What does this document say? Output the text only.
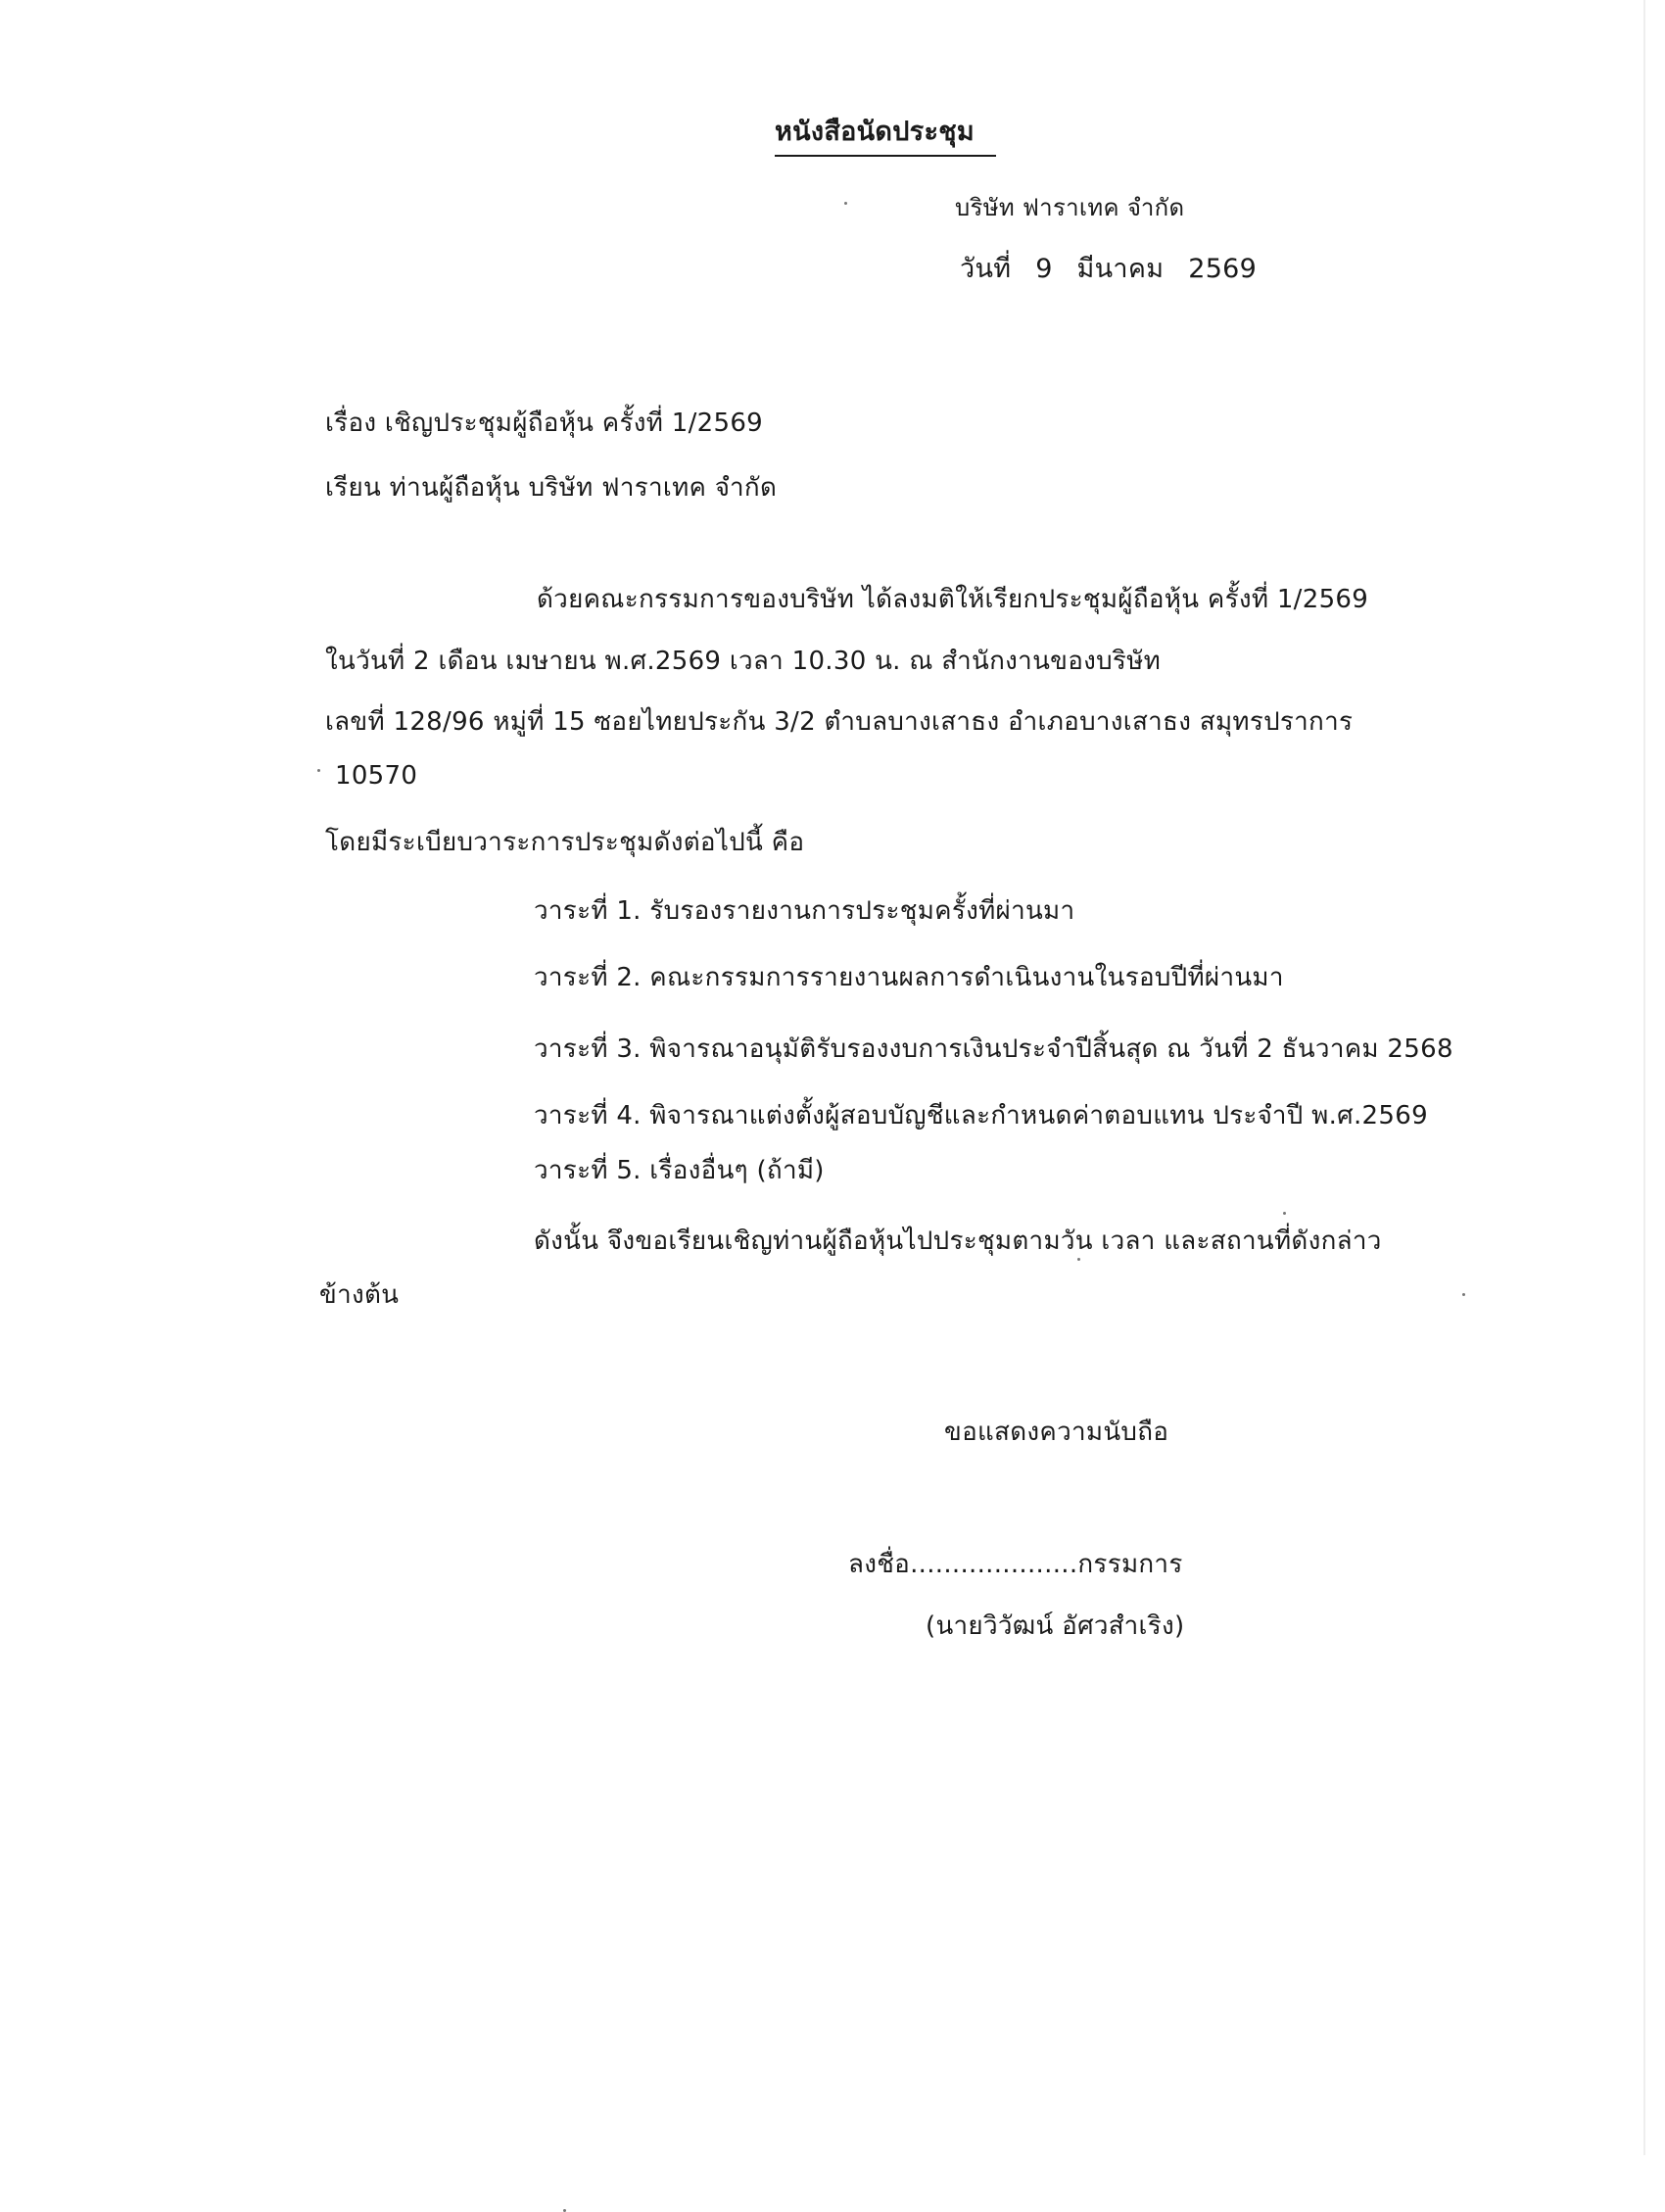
หนังสือนัดประชุม
บริษัท ฟาราเทค จำกัด
วันที่ 9 มีนาคม 2569
เรื่อง เชิญประชุมผู้ถือหุ้น ครั้งที่ 1/2569
เรียน ท่านผู้ถือหุ้น บริษัท ฟาราเทค จำกัด
ด้วยคณะกรรมการของบริษัท ได้ลงมติให้เรียกประชุมผู้ถือหุ้น ครั้งที่ 1/2569
ในวันที่ 2 เดือน เมษายน พ.ศ.2569 เวลา 10.30 น. ณ สำนักงานของบริษัท
เลขที่ 128/96 หมู่ที่ 15 ซอยไทยประกัน 3/2 ตำบลบางเสาธง อำเภอบางเสาธง สมุทรปราการ
10570
โดยมีระเบียบวาระการประชุมดังต่อไปนี้ คือ
วาระที่ 1. รับรองรายงานการประชุมครั้งที่ผ่านมา
วาระที่ 2. คณะกรรมการรายงานผลการดำเนินงานในรอบปีที่ผ่านมา
วาระที่ 3. พิจารณาอนุมัติรับรองงบการเงินประจำปีสิ้นสุด ณ วันที่ 2 ธันวาคม 2568
วาระที่ 4. พิจารณาแต่งตั้งผู้สอบบัญชีและกำหนดค่าตอบแทน ประจำปี พ.ศ.2569
วาระที่ 5. เรื่องอื่นๆ (ถ้ามี)
ดังนั้น จึงขอเรียนเชิญท่านผู้ถือหุ้นไปประชุมตามวัน เวลา และสถานที่ดังกล่าว
ข้างต้น
ขอแสดงความนับถือ
ลงชื่อ....................กรรมการ
(นายวิวัฒน์ อัศวสำเริง)
